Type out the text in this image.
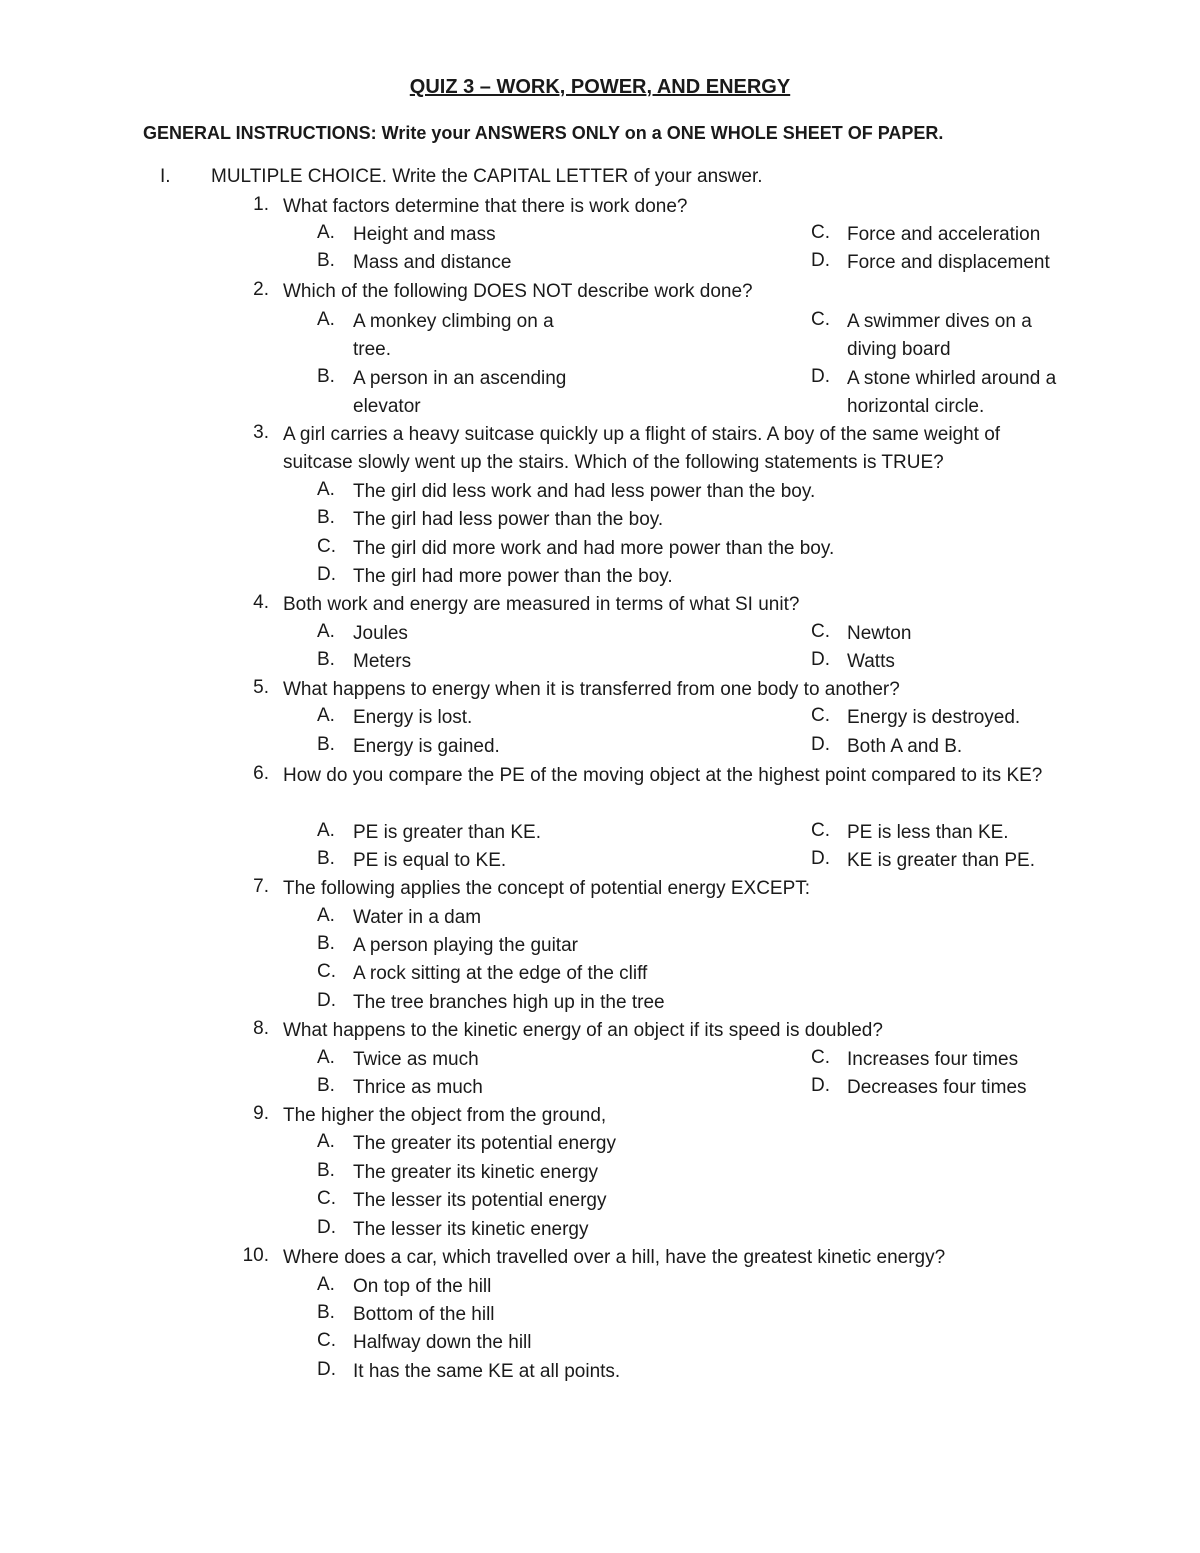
QUIZ 3 – WORK, POWER, AND ENERGY
GENERAL INSTRUCTIONS: Write your ANSWERS ONLY on a ONE WHOLE SHEET OF PAPER.
I. MULTIPLE CHOICE. Write the CAPITAL LETTER of your answer.
1. What factors determine that there is work done?
A. Height and mass
B. Mass and distance
C. Force and acceleration
D. Force and displacement
2. Which of the following DOES NOT describe work done?
A. A monkey climbing on a tree.
B. A person in an ascending elevator
C. A swimmer dives on a diving board
D. A stone whirled around a horizontal circle.
3. A girl carries a heavy suitcase quickly up a flight of stairs. A boy of the same weight of suitcase slowly went up the stairs. Which of the following statements is TRUE?
A. The girl did less work and had less power than the boy.
B. The girl had less power than the boy.
C. The girl did more work and had more power than the boy.
D. The girl had more power than the boy.
4. Both work and energy are measured in terms of what SI unit?
A. Joules
B. Meters
C. Newton
D. Watts
5. What happens to energy when it is transferred from one body to another?
A. Energy is lost.
B. Energy is gained.
C. Energy is destroyed.
D. Both A and B.
6. How do you compare the PE of the moving object at the highest point compared to its KE?
A. PE is greater than KE.
B. PE is equal to KE.
C. PE is less than KE.
D. KE is greater than PE.
7. The following applies the concept of potential energy EXCEPT:
A. Water in a dam
B. A person playing the guitar
C. A rock sitting at the edge of the cliff
D. The tree branches high up in the tree
8. What happens to the kinetic energy of an object if its speed is doubled?
A. Twice as much
B. Thrice as much
C. Increases four times
D. Decreases four times
9. The higher the object from the ground,
A. The greater its potential energy
B. The greater its kinetic energy
C. The lesser its potential energy
D. The lesser its kinetic energy
10. Where does a car, which travelled over a hill, have the greatest kinetic energy?
A. On top of the hill
B. Bottom of the hill
C. Halfway down the hill
D. It has the same KE at all points.
